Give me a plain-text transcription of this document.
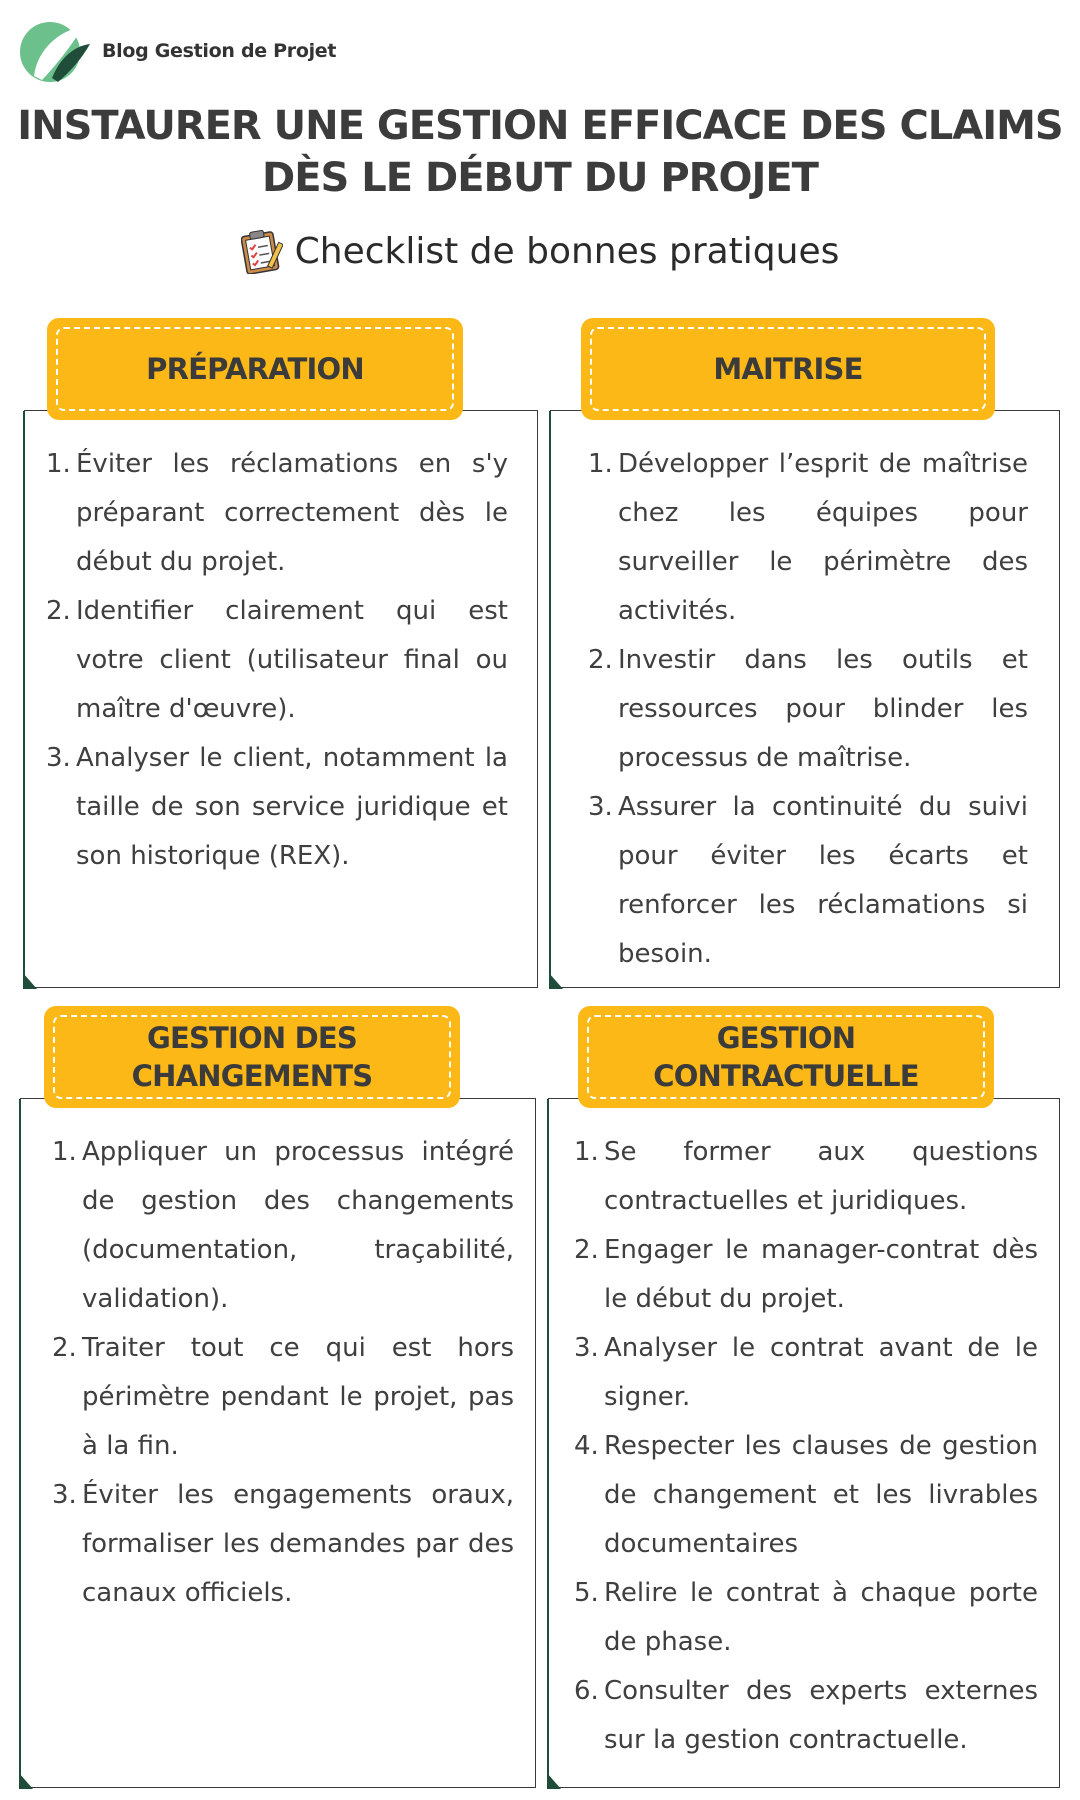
Blog Gestion de Projet
INSTAURER UNE GESTION EFFICACE DES CLAIMS
DÈS LE DÉBUT DU PROJET
Checklist de bonnes pratiques
PRÉPARATION
1. Éviter les réclamations en s'y préparant correctement dès le début du projet.
2. Identifier clairement qui est votre client (utilisateur final ou maître d'œuvre).
3. Analyser le client, notamment la taille de son service juridique et son historique (REX).
MAITRISE
1. Développer l’esprit de maîtrise chez les équipes pour surveiller le périmètre des activités.
2. Investir dans les outils et ressources pour blinder les processus de maîtrise.
3. Assurer la continuité du suivi pour éviter les écarts et renforcer les réclamations si besoin.
GESTION DES
CHANGEMENTS
1. Appliquer un processus intégré de gestion des changements (documentation, traçabilité, validation).
2. Traiter tout ce qui est hors périmètre pendant le projet, pas à la fin.
3. Éviter les engagements oraux, formaliser les demandes par des canaux officiels.
GESTION
CONTRACTUELLE
1. Se former aux questions contractuelles et juridiques.
2. Engager le manager-contrat dès le début du projet.
3. Analyser le contrat avant de le signer.
4. Respecter les clauses de gestion de changement et les livrables documentaires
5. Relire le contrat à chaque porte de phase.
6. Consulter des experts externes sur la gestion contractuelle.
